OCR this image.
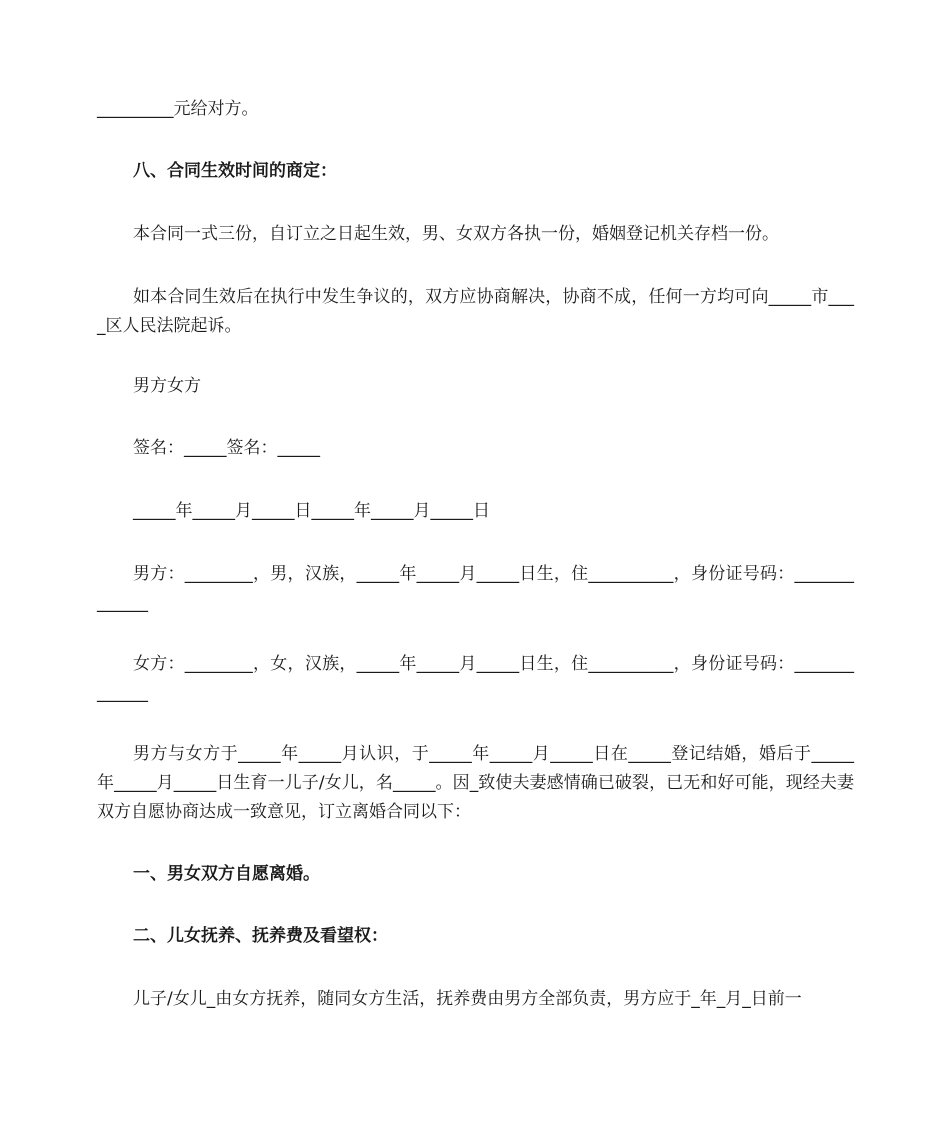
_________元给对方。

八、合同生效时间的商定：

本合同一式三份，自订立之日起生效，男、女双方各执一份，婚姻登记机关存档一份。

如本合同生效后在执行中发生争议的，双方应协商解决，协商不成，任何一方均可向_____市____区人民法院起诉。

男方女方

签名：_____签名：_____

_____年_____月_____日_____年_____月_____日

男方：________，男，汉族，_____年_____月_____日生，住__________，身份证号码：_____________

女方：________，女，汉族，_____年_____月_____日生，住__________，身份证号码：_____________

男方与女方于_____年_____月认识，于_____年_____月_____日在_____登记结婚，婚后于_____年_____月_____日生育一儿子/女儿，名_____。因_致使夫妻感情确已破裂，已无和好可能，现经夫妻双方自愿协商达成一致意见，订立离婚合同以下：

一、男女双方自愿离婚。

二、儿女抚养、抚养费及看望权：

儿子/女儿_由女方抚养，随同女方生活，抚养费由男方全部负责，男方应于_年_月_日前一
